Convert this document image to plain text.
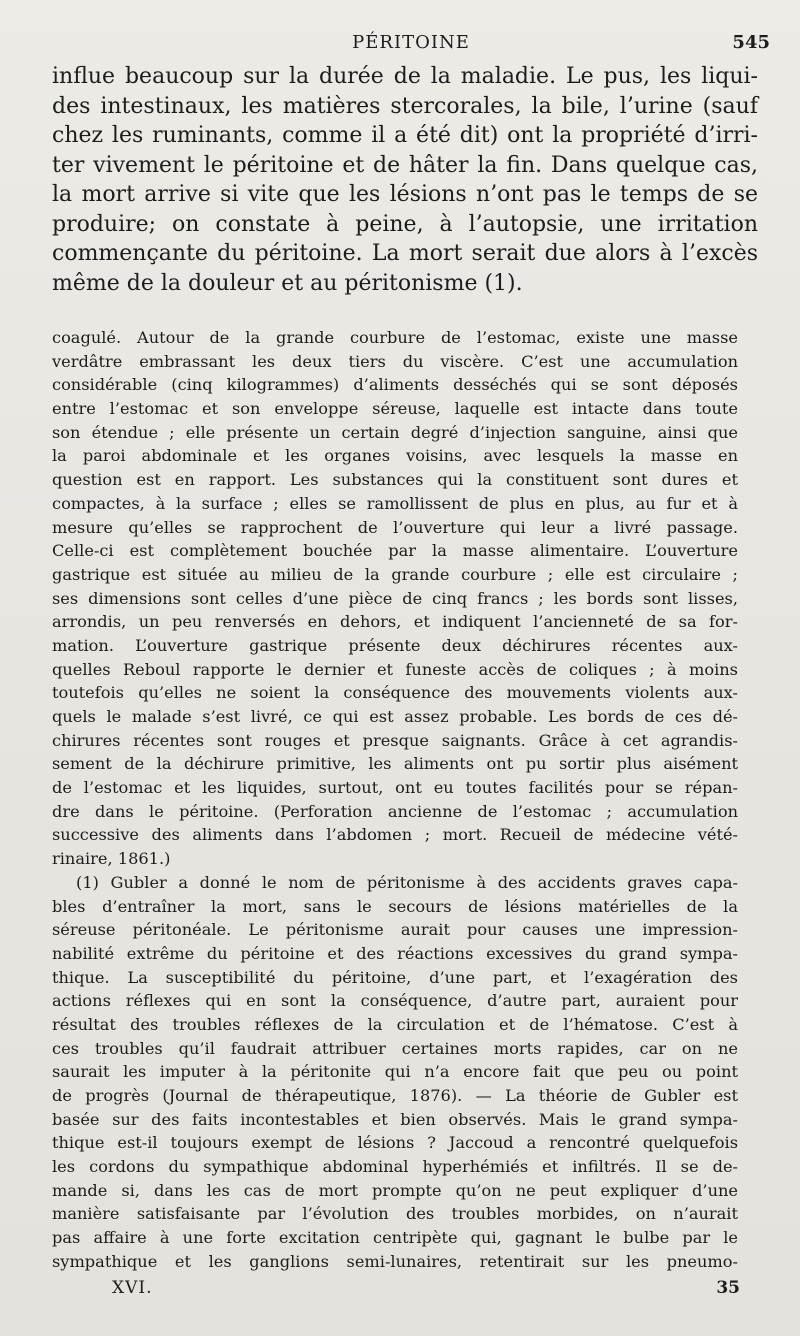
PÉRITOINE	545
influe beaucoup sur la durée de la maladie. Le pus, les liqui-
des intestinaux, les matières stercorales, la bile, l’urine (sauf
chez les ruminants, comme il a été dit) ont la propriété d’irri-
ter vivement le péritoine et de hâter la fin. Dans quelque cas,
la mort arrive si vite que les lésions n’ont pas le temps de se
produire; on constate à peine, à l’autopsie, une irritation
commençante du péritoine. La mort serait due alors à l’excès
même de la douleur et au péritonisme (1).
coagulé. Autour de la grande courbure de l’estomac, existe une masse
verdâtre embrassant les deux tiers du viscère. C’est une accumulation
considérable (cinq kilogrammes) d’aliments desséchés qui se sont déposés
entre l’estomac et son enveloppe séreuse, laquelle est intacte dans toute
son étendue ; elle présente un certain degré d’injection sanguine, ainsi que
la paroi abdominale et les organes voisins, avec lesquels la masse en
question est en rapport. Les substances qui la constituent sont dures et
compactes, à la surface ; elles se ramollissent de plus en plus, au fur et à
mesure qu’elles se rapprochent de l’ouverture qui leur a livré passage.
Celle-ci est complètement bouchée par la masse alimentaire. L’ouverture
gastrique est située au milieu de la grande courbure ; elle est circulaire ;
ses dimensions sont celles d’une pièce de cinq francs ; les bords sont lisses,
arrondis, un peu renversés en dehors, et indiquent l’ancienneté de sa for-
mation. L’ouverture gastrique présente deux déchirures récentes aux-
quelles Reboul rapporte le dernier et funeste accès de coliques ; à moins
toutefois qu’elles ne soient la conséquence des mouvements violents aux-
quels le malade s’est livré, ce qui est assez probable. Les bords de ces dé-
chirures récentes sont rouges et presque saignants. Grâce à cet agrandis-
sement de la déchirure primitive, les aliments ont pu sortir plus aisément
de l’estomac et les liquides, surtout, ont eu toutes facilités pour se répan-
dre dans le péritoine. (Perforation ancienne de l’estomac ; accumulation
successive des aliments dans l’abdomen ; mort. Recueil de médecine vété-
rinaire, 1861.)
(1) Gubler a donné le nom de péritonisme à des accidents graves capa-
bles d’entraîner la mort, sans le secours de lésions matérielles de la
séreuse péritonéale. Le péritonisme aurait pour causes une impression-
nabilité extrême du péritoine et des réactions excessives du grand sympa-
thique. La susceptibilité du péritoine, d’une part, et l’exagération des
actions réflexes qui en sont la conséquence, d’autre part, auraient pour
résultat des troubles réflexes de la circulation et de l’hématose. C’est à
ces troubles qu’il faudrait attribuer certaines morts rapides, car on ne
saurait les imputer à la péritonite qui n’a encore fait que peu ou point
de progrès (Journal de thérapeutique, 1876). — La théorie de Gubler est
basée sur des faits incontestables et bien observés. Mais le grand sympa-
thique est-il toujours exempt de lésions ? Jaccoud a rencontré quelquefois
les cordons du sympathique abdominal hyperhémiés et infiltrés. Il se de-
mande si, dans les cas de mort prompte qu’on ne peut expliquer d’une
manière satisfaisante par l’évolution des troubles morbides, on n’aurait
pas affaire à une forte excitation centripète qui, gagnant le bulbe par le
sympathique et les ganglions semi-lunaires, retentirait sur les pneumo-
XVI.	35
